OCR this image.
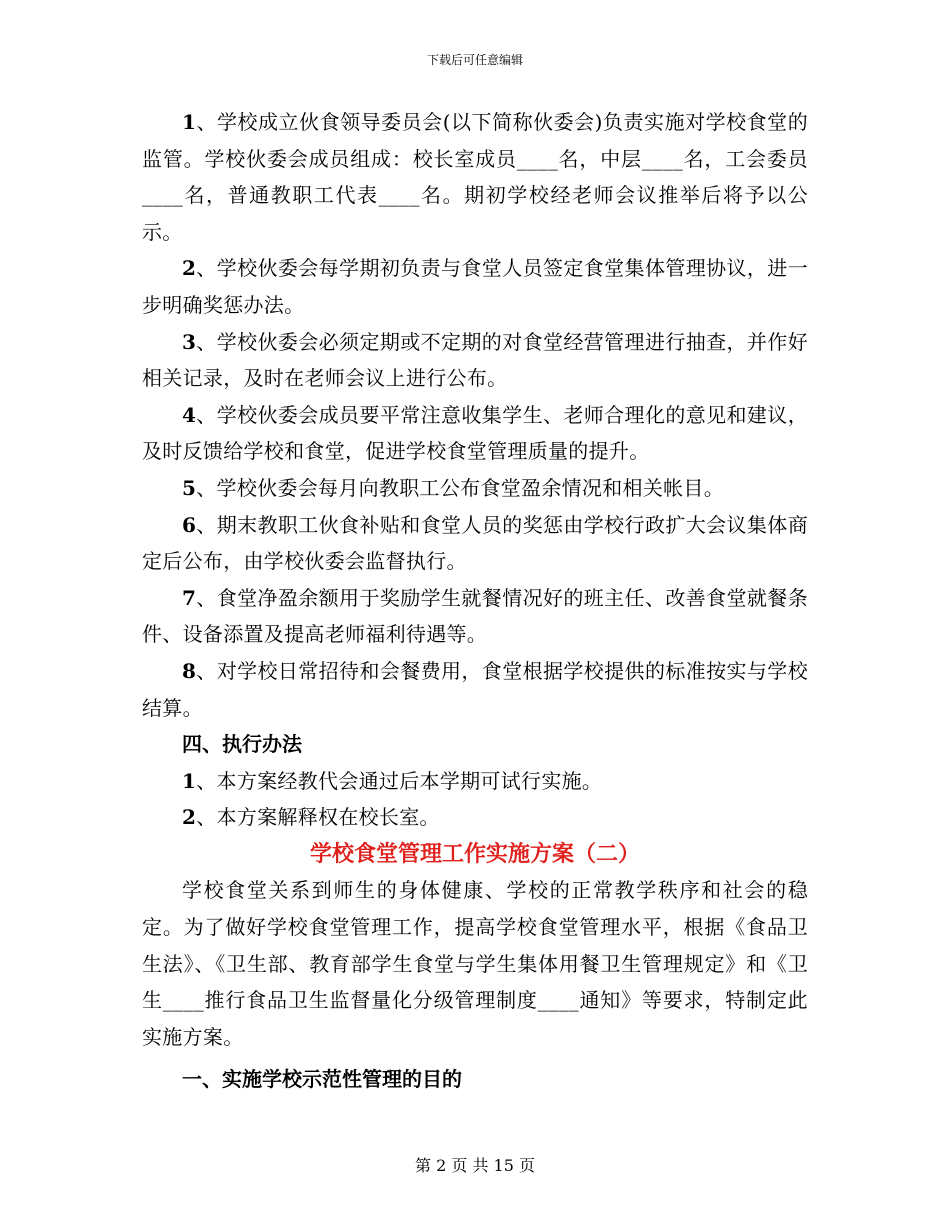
下载后可任意编辑

1、学校成立伙食领导委员会(以下简称伙委会)负责实施对学校食堂的监管。学校伙委会成员组成：校长室成员____名，中层____名，工会委员____名，普通教职工代表____名。期初学校经老师会议推举后将予以公示。

2、学校伙委会每学期初负责与食堂人员签定食堂集体管理协议，进一步明确奖惩办法。

3、学校伙委会必须定期或不定期的对食堂经营管理进行抽查，并作好相关记录，及时在老师会议上进行公布。

4、学校伙委会成员要平常注意收集学生、老师合理化的意见和建议，及时反馈给学校和食堂，促进学校食堂管理质量的提升。

5、学校伙委会每月向教职工公布食堂盈余情况和相关帐目。

6、期末教职工伙食补贴和食堂人员的奖惩由学校行政扩大会议集体商定后公布，由学校伙委会监督执行。

7、食堂净盈余额用于奖励学生就餐情况好的班主任、改善食堂就餐条件、设备添置及提高老师福利待遇等。

8、对学校日常招待和会餐费用，食堂根据学校提供的标准按实与学校结算。

四、执行办法

1、本方案经教代会通过后本学期可试行实施。

2、本方案解释权在校长室。

学校食堂管理工作实施方案（二）

学校食堂关系到师生的身体健康、学校的正常教学秩序和社会的稳定。为了做好学校食堂管理工作，提高学校食堂管理水平，根据《食品卫生法》、《卫生部、教育部学生食堂与学生集体用餐卫生管理规定》和《卫生____推行食品卫生监督量化分级管理制度____通知》等要求，特制定此实施方案。

一、实施学校示范性管理的目的

第 2 页 共 15 页
